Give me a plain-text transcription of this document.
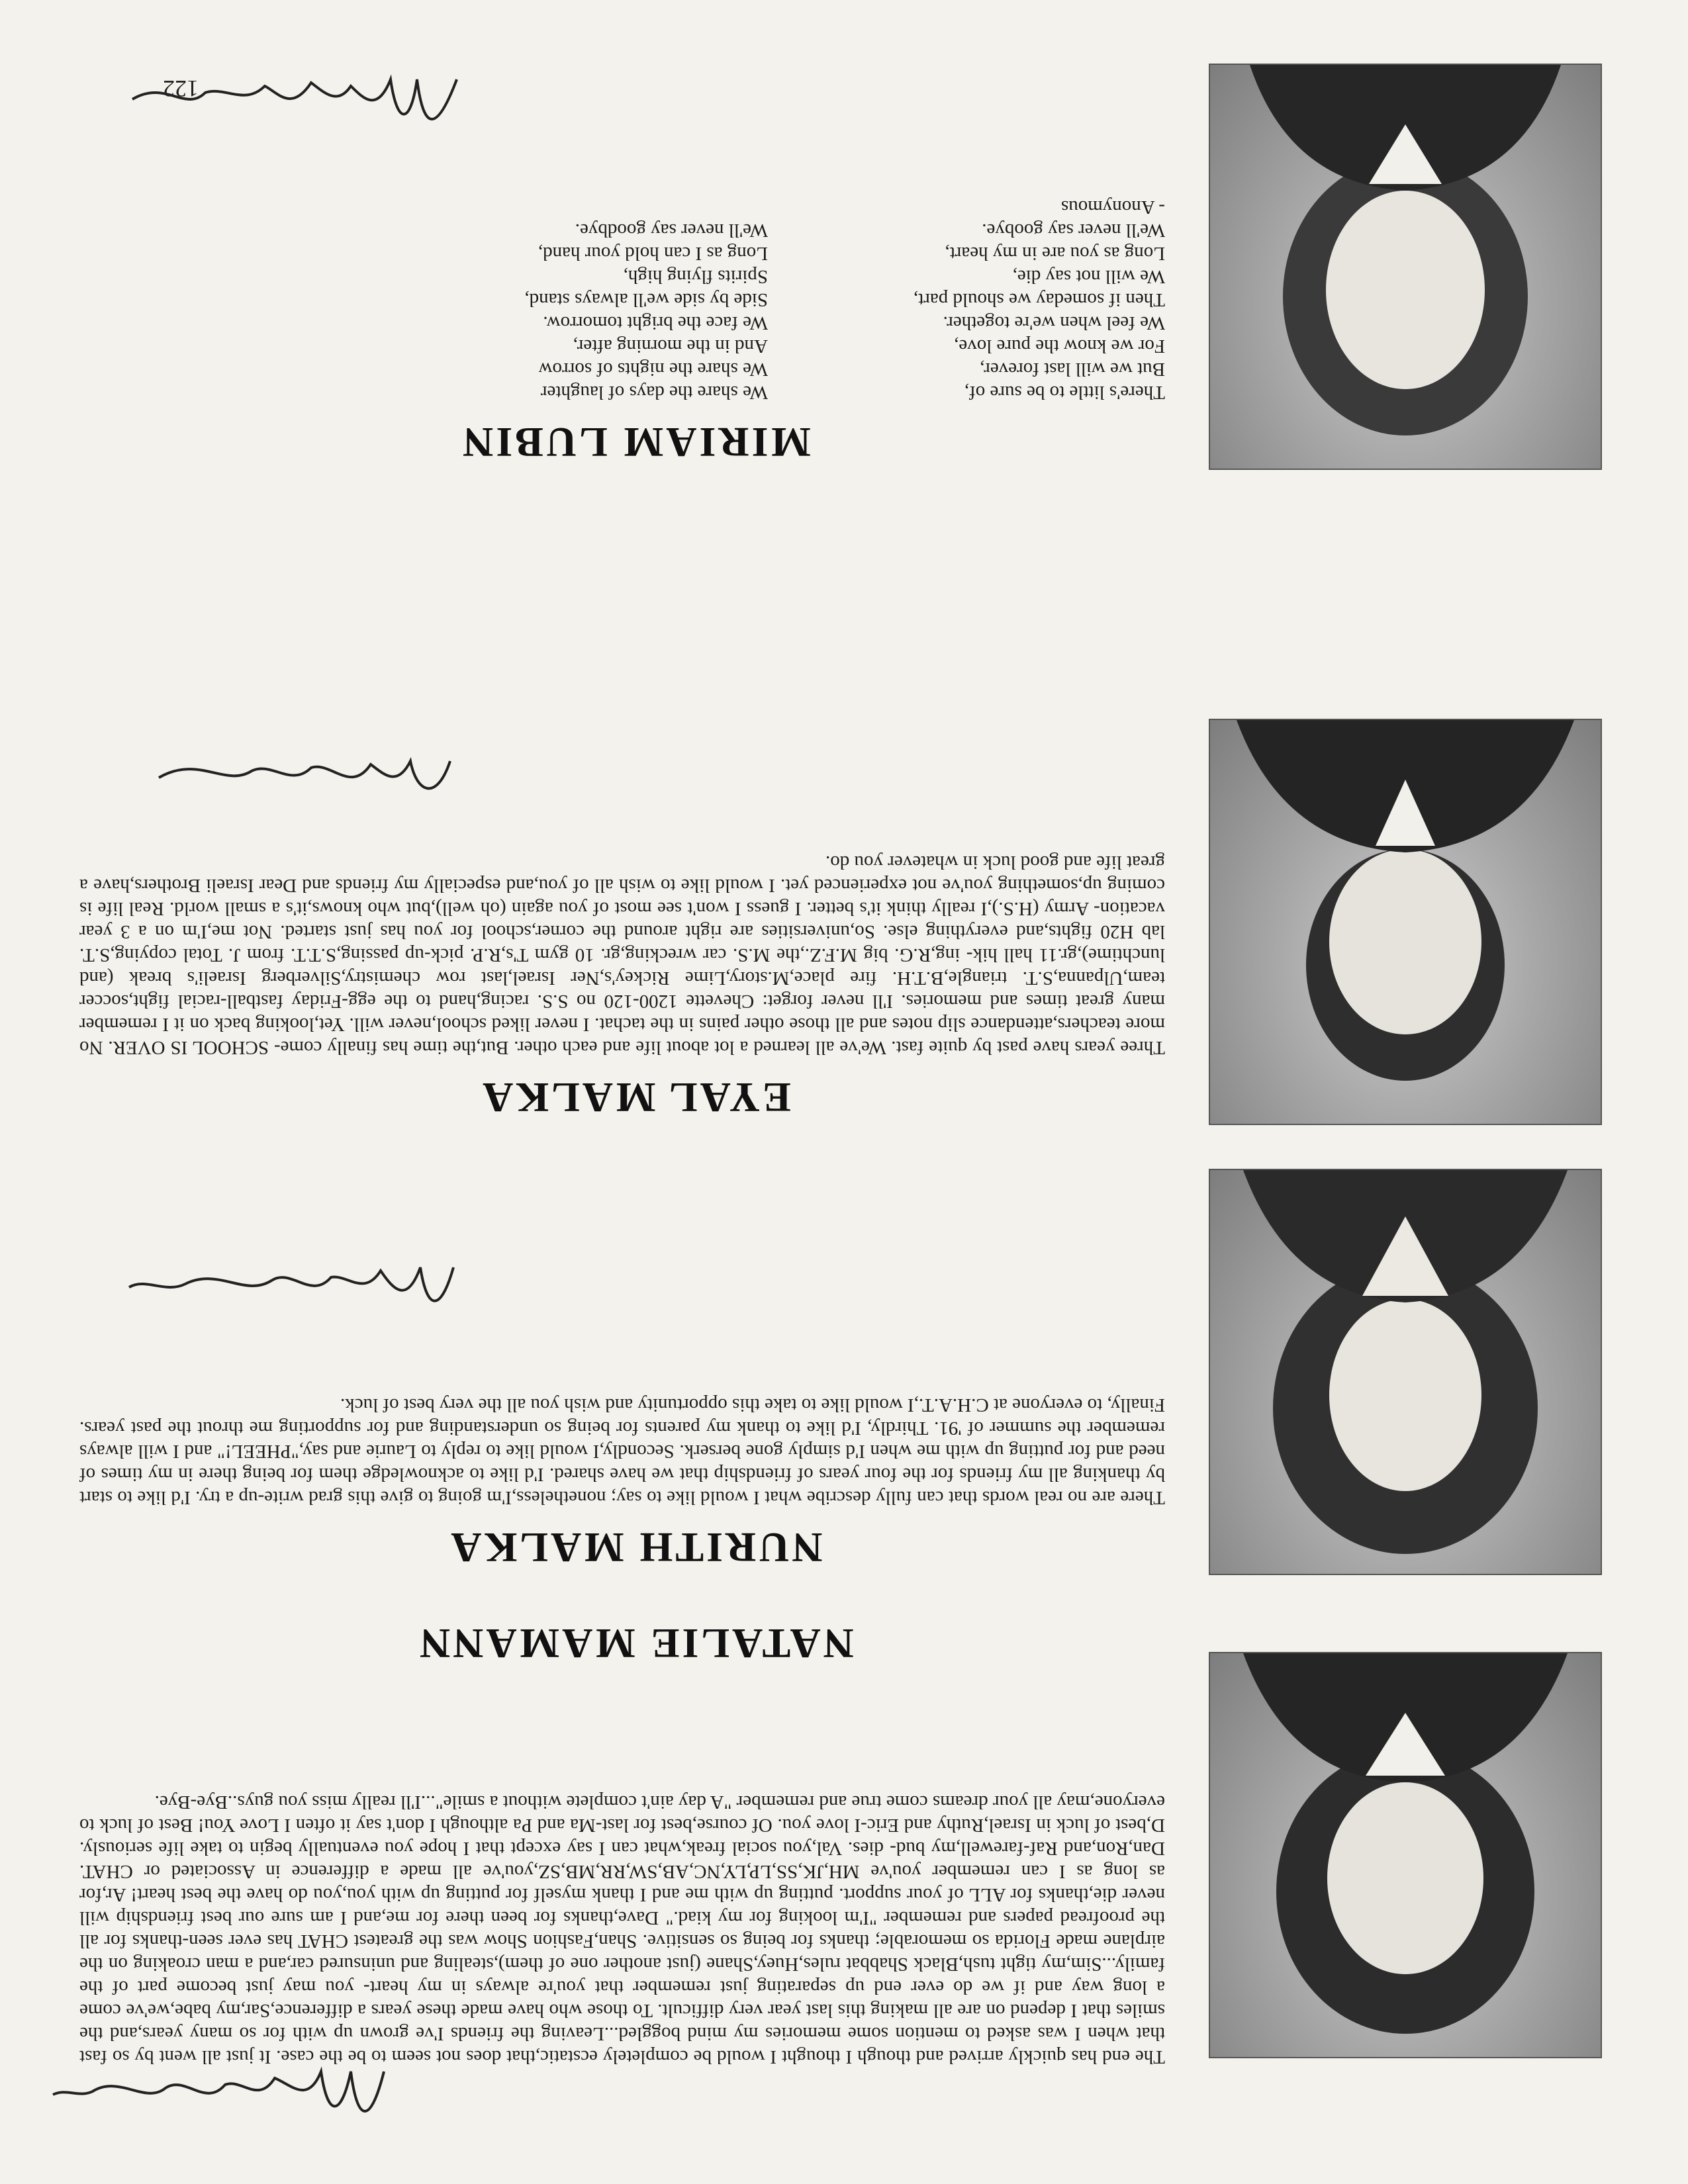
122
MIRIAM LUBIN
We share the days of laughter
We share the nights of sorrow
And in the morning after,
We face the bright tomorrow.
Side by side we'll always stand,
Spirits flying high,
Long as I can hold your hand,
We'll never say goodbye.
There's little to be sure of,
But we will last forever,
For we know the pure love,
We feel when we're together.
Then if someday we should part,
We will not say die,
Long as you are in my heart,
We'll never say goobye.
- Anonymous
EYAL MALKA
Three years have past by quite fast. We've all learned a lot about life and each other. But,the time has finally come- SCHOOL IS OVER. No more teachers,attendance slip notes and all those other pains in the tachat. I never liked school,never will. Yet,looking back on it I remember many great times and memories. I'll never forget: Chevette 1200-120 no S.S. racing,hand to the egg-Friday fastball-racial fight,soccer team,Ulpanna,S.T. triangle,B.T.H. fire place,M.story,Lime Rickey's,Ner Israel,last row chemistry,Silverberg Israeli's break (and lunchtime),gr.11 hall hik- ing,R.G. big M.F.Z.,the M.S. car wrecking,gr. 10 gym T's,R.P. pick-up passing,S.T.T. from J. Total copying,S.T. lab H20 fights,and everything else. So,universities are right around the corner,school for you has just started. Not me,I'm on a 3 year vacation- Army (H.S.),I really think it's better. I guess I won't see most of you again (oh well),but who knows,it's a small world. Real life is coming up,something you've not experienced yet. I would like to wish all of you,and especially my friends and Dear Israeli Brothers,have a great life and good luck in whatever you do.
NURITH MALKA
There are no real words that can fully describe what I would like to say; nonetheless,I'm going to give this grad write-up a try. I'd like to start by thanking all my friends for the four years of friendship that we have shared. I'd like to acknowledge them for being there in my times of need and for putting up with me when I'd simply gone berserk. Secondly,I would like to reply to Laurie and say,"PHEEL!" and I will always remember the summer of '91. Thirdly, I'd like to thank my parents for being so understanding and for supporting me throut the past years. Finally, to everyone at C.H.A.T.,I would like to take this opportunity and wish you all the very best of luck.
The end has quickly arrived and though I thought I would be completely ecstatic,that does not seem to be the case. It just all went by so fast that when I was asked to mention some memories my mind boggled...Leaving the friends I've grown up with for so many years,and the smiles that I depend on are all making this last year very difficult. To those who have made these years a difference,Sar,my babe,we've come a long way and if we do ever end up separating just remember that you're always in my heart- you may just become part of the family...Sim,my tight tush,Black Shabbat rules,Huey,Shane (just another one of them),stealing and uninsured car,and a man croaking on the airplane made Florida so memorable; thanks for being so sensitive. Shan,Fashion Show was the greatest CHAT has ever seen-thanks for all the proofread papers and remember "I'm looking for my kiad." Dave,thanks for been there for me,and I am sure our best friendship will never die,thanks for ALL of your support. putting up with me and I thank myself for putting up with you,you do have the best heart! Ar,for as long as I can remember you've MH,JK,SS,LP,LY,NC,AB,SW,RR,MB,SZ,you've all made a difference in Associated or CHAT. Dan,Ron,and Raf-farewell,my bud- dies. Val,you social freak,what can I say except that I hope you eventually begin to take life seriously. D,best of luck in Israel,Ruthy and Eric-I love you. Of course,best for last-Ma and Pa although I don't say it often I Love You! Best of luck to everyone,may all your dreams come true and remember "A day ain't complete without a smile"...I'll really miss you guys..Bye-Bye.
NATALIE MAMANN
